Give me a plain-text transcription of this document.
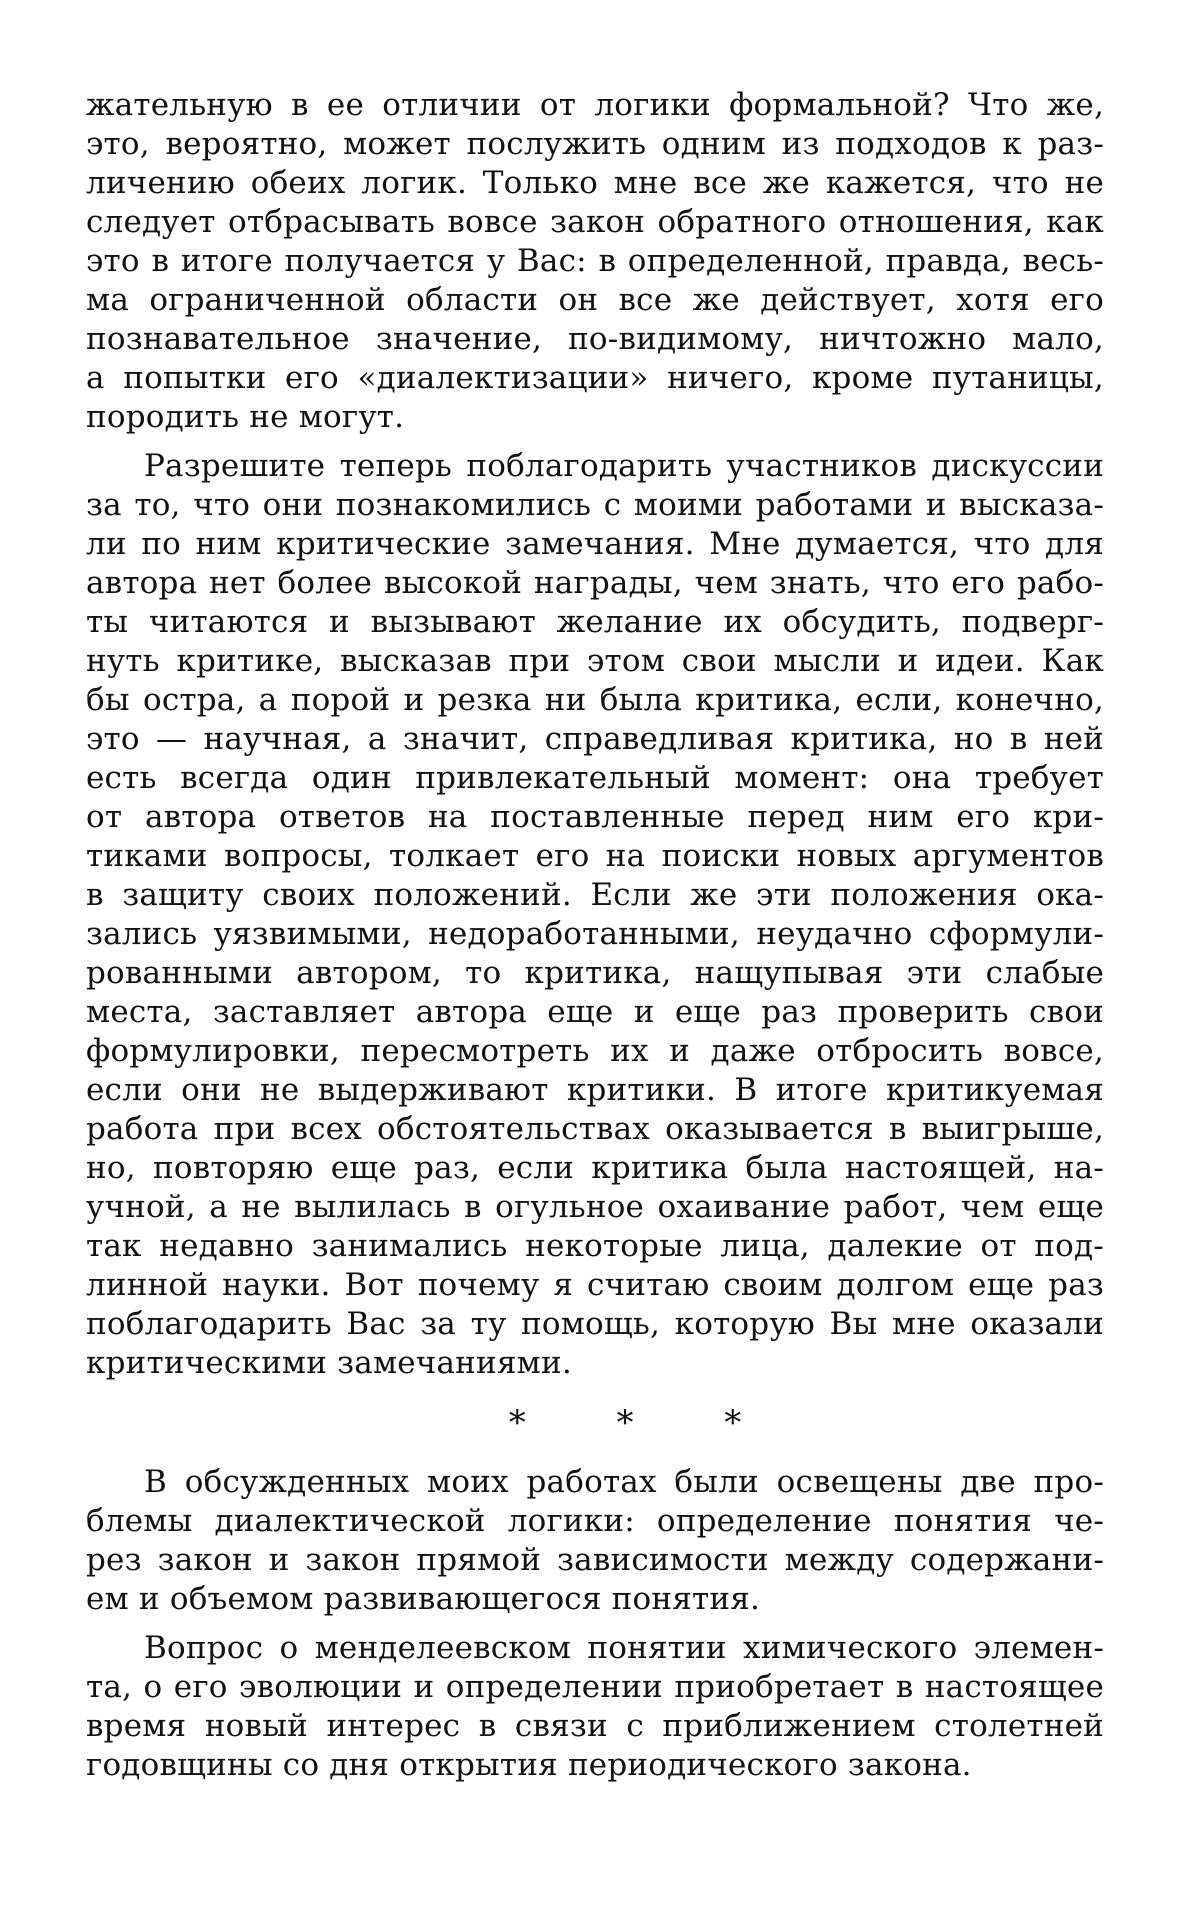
жательную в ее отличии от логики формальной? Что же,
это, вероятно, может послужить одним из подходов к раз-
личению обеих логик. Только мне все же кажется, что не
следует отбрасывать вовсе закон обратного отношения, как
это в итоге получается у Вас: в определенной, правда, весь-
ма ограниченной области он все же действует, хотя его
познавательное значение, по-видимому, ничтожно мало,
а попытки его «диалектизации» ничего, кроме путаницы,
породить не могут.
Разрешите теперь поблагодарить участников дискуссии
за то, что они познакомились с моими работами и высказа-
ли по ним критические замечания. Мне думается, что для
автора нет более высокой награды, чем знать, что его рабо-
ты читаются и вызывают желание их обсудить, подверг-
нуть критике, высказав при этом свои мысли и идеи. Как
бы остра, а порой и резка ни была критика, если, конечно,
это — научная, а значит, справедливая критика, но в ней
есть всегда один привлекательный момент: она требует
от автора ответов на поставленные перед ним его кри-
тиками вопросы, толкает его на поиски новых аргументов
в защиту своих положений. Если же эти положения ока-
зались уязвимыми, недоработанными, неудачно сформули-
рованными автором, то критика, нащупывая эти слабые
места, заставляет автора еще и еще раз проверить свои
формулировки, пересмотреть их и даже отбросить вовсе,
если они не выдерживают критики. В итоге критикуемая
работа при всех обстоятельствах оказывается в выигрыше,
но, повторяю еще раз, если критика была настоящей, на-
учной, а не вылилась в огульное охаивание работ, чем еще
так недавно занимались некоторые лица, далекие от под-
линной науки. Вот почему я считаю своим долгом еще раз
поблагодарить Вас за ту помощь, которую Вы мне оказали
критическими замечаниями.
* * *
В обсужденных моих работах были освещены две про-
блемы диалектической логики: определение понятия че-
рез закон и закон прямой зависимости между содержани-
ем и объемом развивающегося понятия.
Вопрос о менделеевском понятии химического элемен-
та, о его эволюции и определении приобретает в настоящее
время новый интерес в связи с приближением столетней
годовщины со дня открытия периодического закона.
